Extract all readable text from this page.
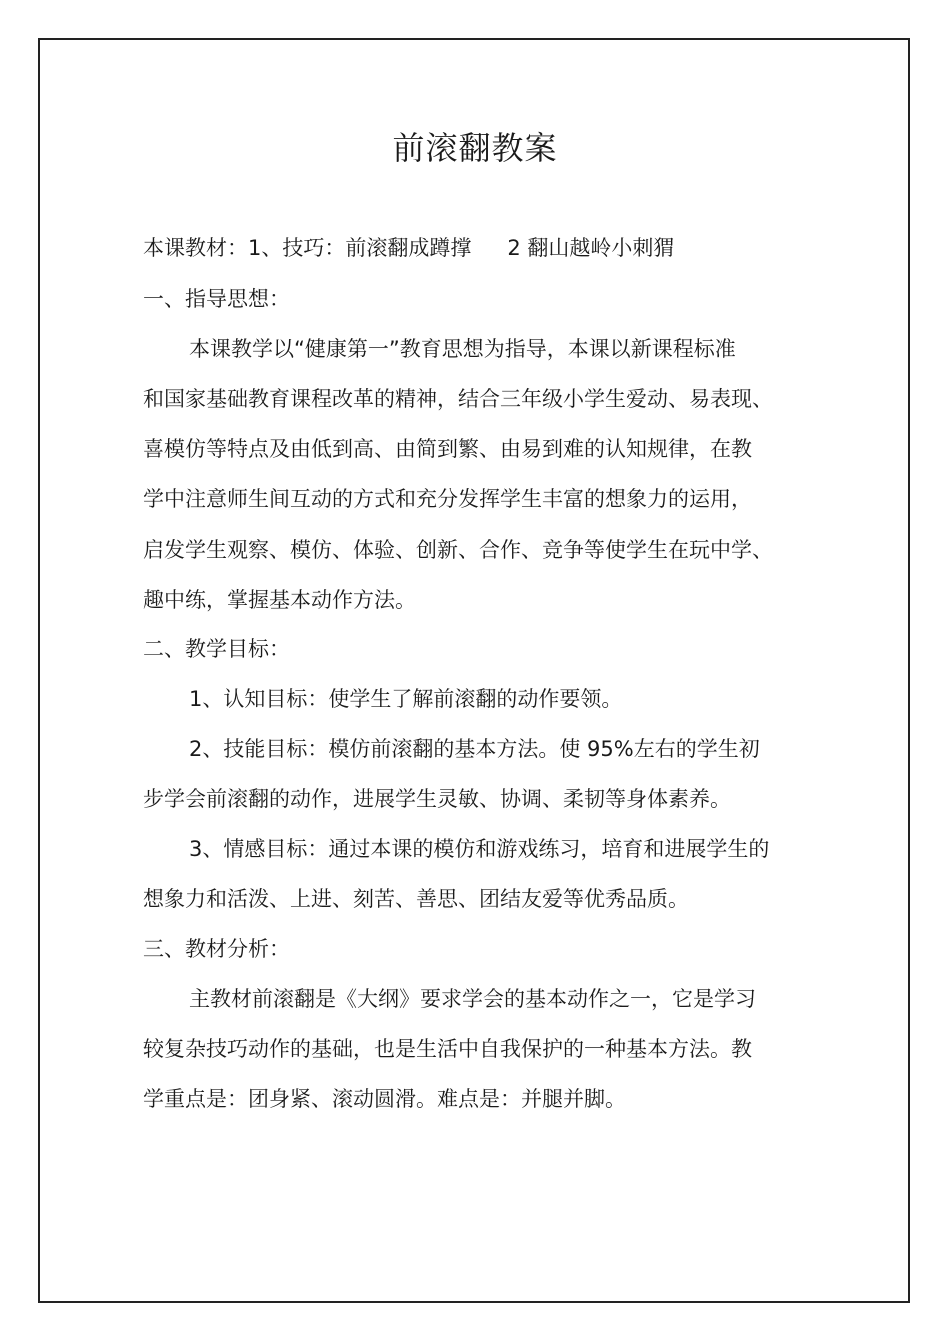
前滚翻教案
本课教材：1、技巧：前滚翻成蹲撑 2 翻山越岭小刺猬
一、指导思想：
本课教学以“健康第一”教育思想为指导，本课以新课程标准
和国家基础教育课程改革的精神，结合三年级小学生爱动、易表现、
喜模仿等特点及由低到高、由简到繁、由易到难的认知规律，在教
学中注意师生间互动的方式和充分发挥学生丰富的想象力的运用，
启发学生观察、模仿、体验、创新、合作、竞争等使学生在玩中学、
趣中练，掌握基本动作方法。
二、教学目标：
1、认知目标：使学生了解前滚翻的动作要领。
2、技能目标：模仿前滚翻的基本方法。使 95%左右的学生初
步学会前滚翻的动作，进展学生灵敏、协调、柔韧等身体素养。
3、情感目标：通过本课的模仿和游戏练习，培育和进展学生的
想象力和活泼、上进、刻苦、善思、团结友爱等优秀品质。
三、教材分析：
主教材前滚翻是《大纲》要求学会的基本动作之一，它是学习
较复杂技巧动作的基础，也是生活中自我保护的一种基本方法。教
学重点是：团身紧、滚动圆滑。难点是：并腿并脚。
